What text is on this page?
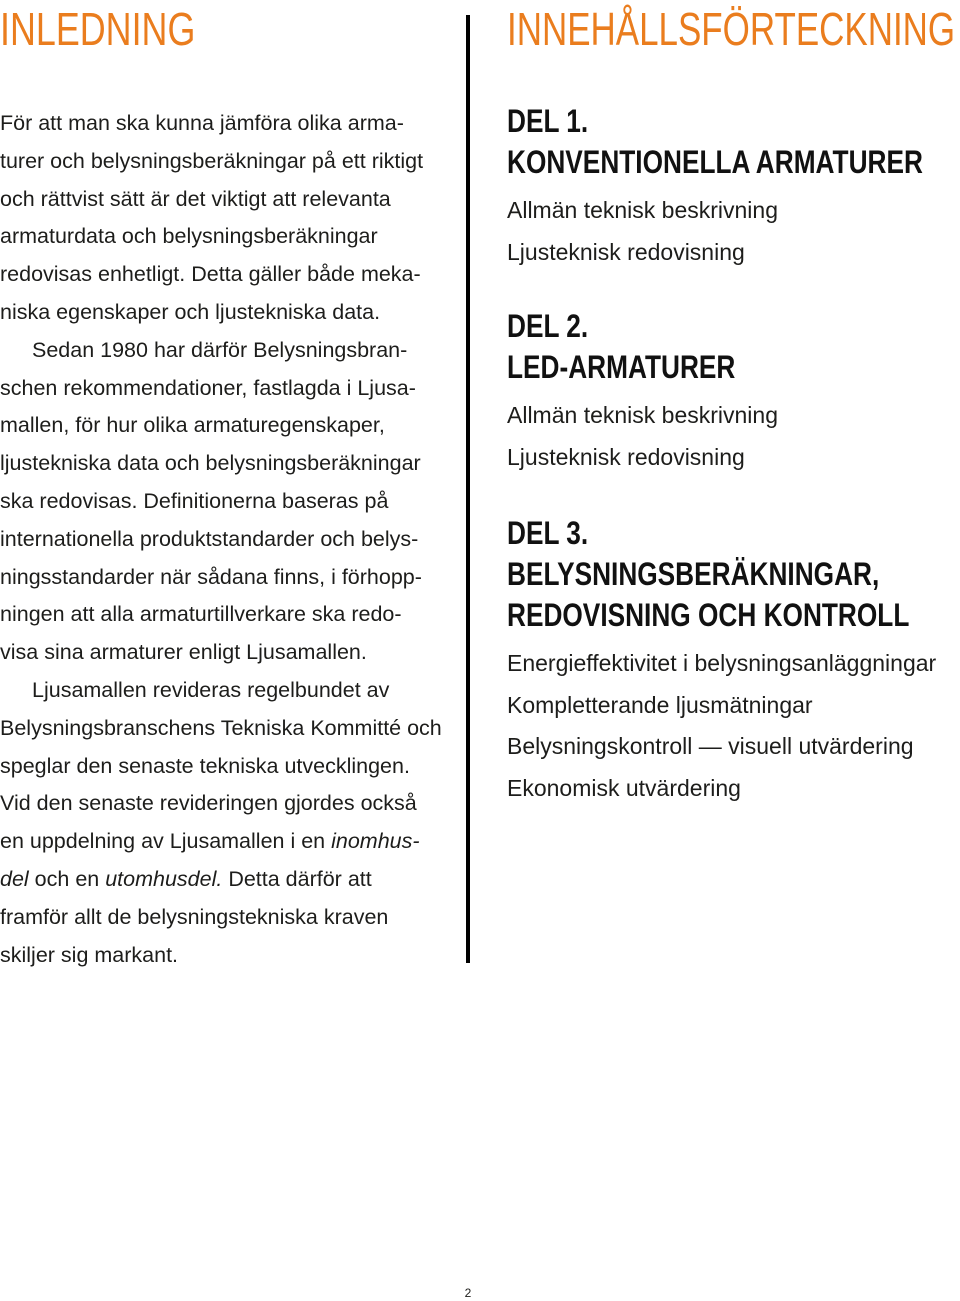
INLEDNING	INNEHÅLLSFÖRTECKNING
För att man ska kunna jämföra olika arma-
turer och belysningsberäkningar på ett riktigt
och rättvist sätt är det viktigt att relevanta
armaturdata och belysningsberäkningar
redovisas enhetligt. Detta gäller både meka-
niska egenskaper och ljustekniska data.
Sedan 1980 har därför Belysningsbran-
schen rekommendationer, fastlagda i Ljusa-
mallen, för hur olika armaturegenskaper,
ljustekniska data och belysningsberäkningar
ska redovisas. Definitionerna baseras på
internationella produktstandarder och belys-
ningsstandarder när sådana finns, i förhopp-
ningen att alla armaturtillverkare ska redo-
visa sina armaturer enligt Ljusamallen.
Ljusamallen revideras regelbundet av
Belysningsbranschens Tekniska Kommitté och
speglar den senaste tekniska utvecklingen.
Vid den senaste revideringen gjordes också
en uppdelning av Ljusamallen i en inomhus-
del och en utomhusdel. Detta därför att
framför allt de belysningstekniska kraven
skiljer sig markant.
DEL 1.
KONVENTIONELLA ARMATURER
Allmän teknisk beskrivning
Ljusteknisk redovisning
DEL 2.
LED-ARMATURER
Allmän teknisk beskrivning
Ljusteknisk redovisning
DEL 3.
BELYSNINGSBERÄKNINGAR,
REDOVISNING OCH KONTROLL
Energieffektivitet i belysningsanläggningar
Kompletterande ljusmätningar
Belysningskontroll — visuell utvärdering
Ekonomisk utvärdering
2
